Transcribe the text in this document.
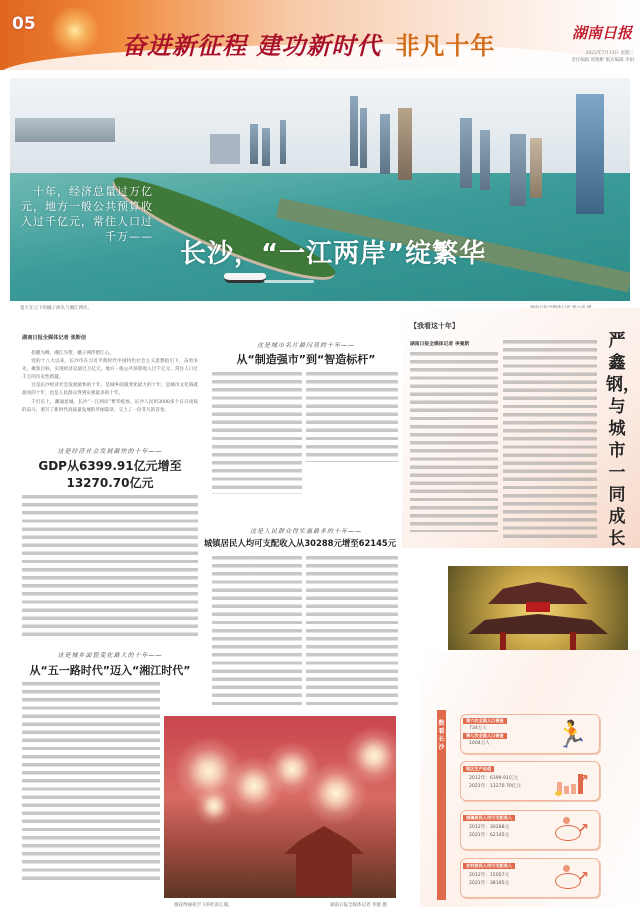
05
奋进新征程 建功新时代 非凡十年	湖南日报
2022年7月13日 星期三
责任编辑 周艳彬 版式编辑 李娟
十年，经济总量过万亿元，地方一般公共预算收入过千亿元，常住人口过千万——
长沙，“一江两岸”绽繁华
夏天在云下的橘子洲头与湘江两岸。
湖南日报全媒体记者 张斯信

指麓为峰，湘江为带，橘子洲浮碧江心。

党的十八大以来，长沙市在习近平新时代中国特色社会主义思想指引下，奋勇争先，聚焦目标，实现经济总量过万亿元、地方一般公共预算收入过千亿元、常住人口过千万的历史性跨越。

这是长沙经济社会发展最快的十年，是城乡面貌变化最大的十年，是城市文化铸就最亮的十年，也是人民群众得到实惠最多的十年。

千灯长上，潮涌星城，长沙“一江两岸”繁华绽放。长沙人民用3000多个日日夜夜的奋斗，谱写了新时代高质量发展的华丽篇章，交上了一份非凡的答卷。

这是经济社会发展最快的十年——
GDP从6399.91亿元增至13270.70亿元
这是城乡面貌变化最大的十年——
从“五一路时代”迈入“湘江时代”
这是城市名片最闪亮的十年——
从“制造强市”到“智造标杆”
这是人民群众得实惠最多的十年——
城镇居民人均可支配收入从30288元增至62145元
【我看这十年】
湖南日报全媒体记者 李曼斯	严鑫钢，与城市一同成长
烟花绚丽夜空下的杜甫江阁。	湖南日报全媒体记者 李健 摄
数看长沙
第六次全国人口普查
734万人
第七次全国人口普查
1004万人	🏃
地区生产总值
2012年：6399.91亿元
2021年：13270.70亿元	↗
城镇居民人均可支配收入
2012年：30288元
2021年：62145元	↗
农村居民人均可支配收入
2012年：15057元
2021年：38195元	↗
